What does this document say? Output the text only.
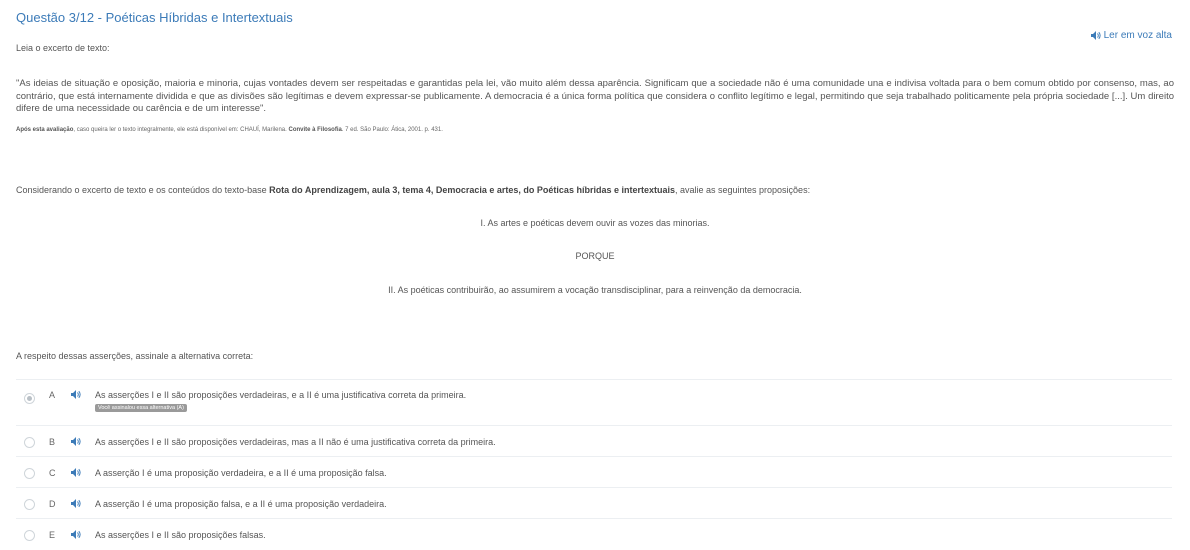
Questão 3/12 - Poéticas Híbridas e Intertextuais
Ler em voz alta
Leia o excerto de texto:
"As ideias de situação e oposição, maioria e minoria, cujas vontades devem ser respeitadas e garantidas pela lei, vão muito além dessa aparência. Significam que a sociedade não é uma comunidade una e indivisa voltada para o bem comum obtido por consenso, mas, ao contrário, que está internamente dividida e que as divisões são legítimas e devem expressar-se publicamente. A democracia é a única forma política que considera o conflito legítimo e legal, permitindo que seja trabalhado politicamente pela própria sociedade [...]. Um direito difere de uma necessidade ou carência e de um interesse".
Após esta avaliação, caso queira ler o texto integralmente, ele está disponível em: CHAUÍ, Marilena. Convite à Filosofia. 7 ed. São Paulo: Ática, 2001. p. 431.
Considerando o excerto de texto e os conteúdos do texto-base Rota do Aprendizagem, aula 3, tema 4, Democracia e artes, do Poéticas híbridas e intertextuais, avalie as seguintes proposições:
I. As artes e poéticas devem ouvir as vozes das minorias.
PORQUE
II. As poéticas contribuirão, ao assumirem a vocação transdisciplinar, para a reinvenção da democracia.
A respeito dessas asserções, assinale a alternativa correta:
A	As asserções I e II são proposições verdadeiras, e a II é uma justificativa correta da primeira.
Você assinalou essa alternativa (A)
B	As asserções I e II são proposições verdadeiras, mas a II não é uma justificativa correta da primeira.
C	A asserção I é uma proposição verdadeira, e a II é uma proposição falsa.
D	A asserção I é uma proposição falsa, e a II é uma proposição verdadeira.
E	As asserções I e II são proposições falsas.
